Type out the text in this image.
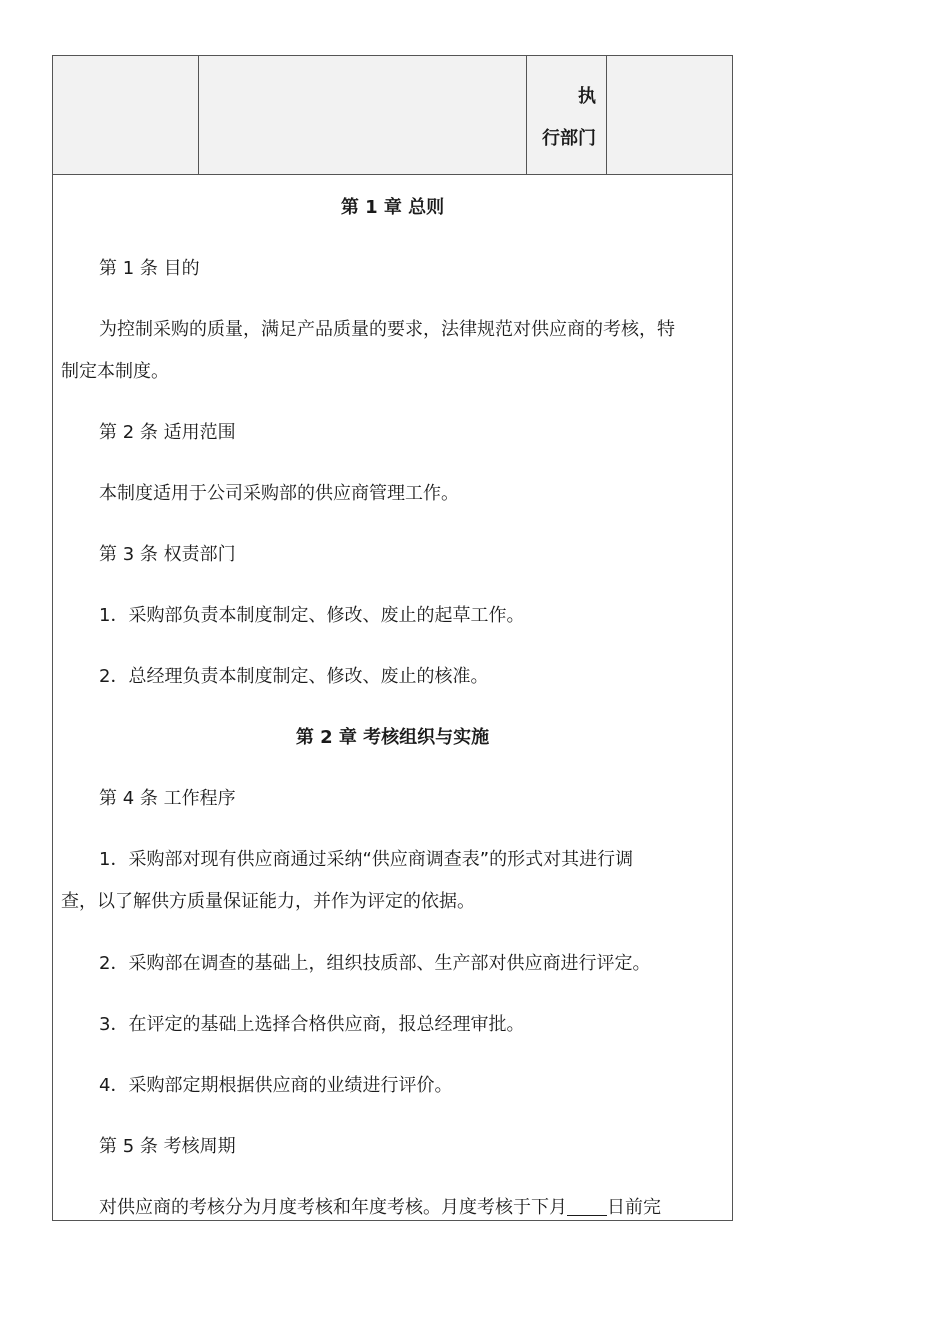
执
行部门
第 1 章 总则
第 1 条 目的
为控制采购的质量，满足产品质量的要求，法律规范对供应商的考核，特
制定本制度。
第 2 条 适用范围
本制度适用于公司采购部的供应商管理工作。
第 3 条 权责部门
1．采购部负责本制度制定、修改、废止的起草工作。
2．总经理负责本制度制定、修改、废止的核准。
第 2 章 考核组织与实施
第 4 条 工作程序
1．采购部对现有供应商通过采纳“供应商调查表”的形式对其进行调
查，以了解供方质量保证能力，并作为评定的依据。
2．采购部在调查的基础上，组织技质部、生产部对供应商进行评定。
3．在评定的基础上选择合格供应商，报总经理审批。
4．采购部定期根据供应商的业绩进行评价。
第 5 条 考核周期
对供应商的考核分为月度考核和年度考核。月度考核于下月 日前完
